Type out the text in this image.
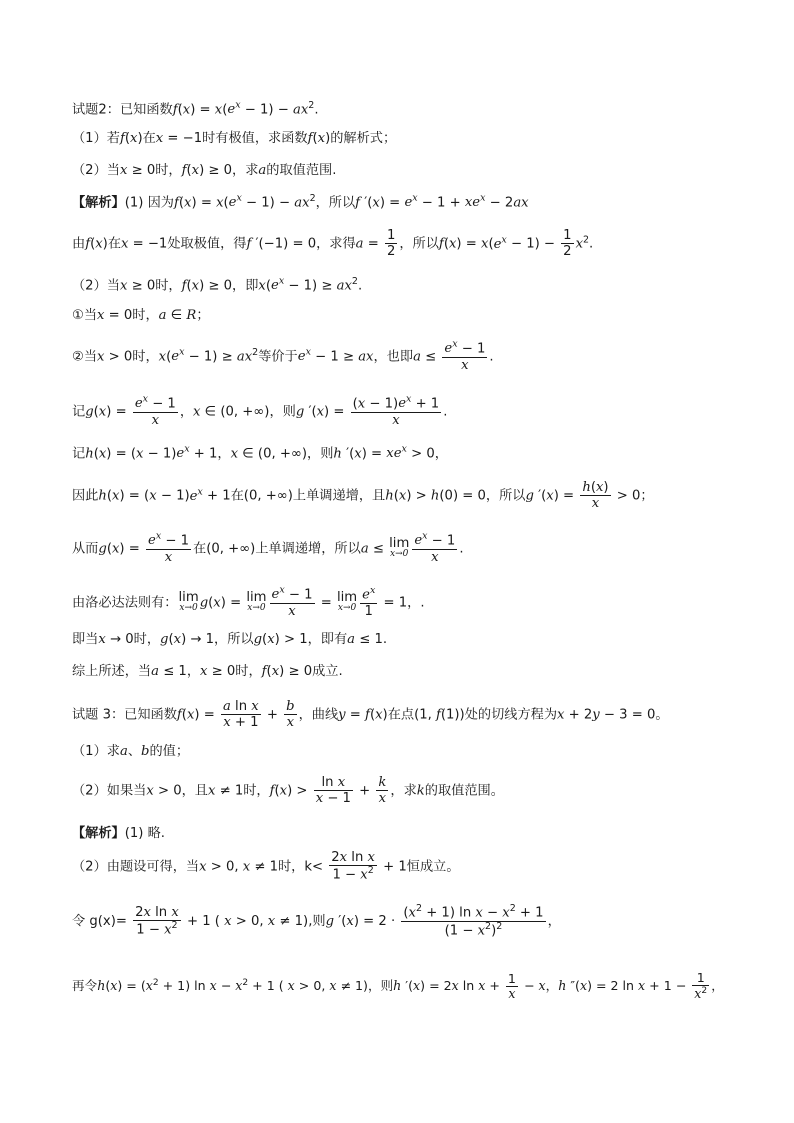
试题2：已知函数$f(x) = x(e^x - 1) - ax^2$.
（1）若f(x)在x = −1时有极值，求函数f(x)的解析式；
（2）当x ≥ 0时，f(x) ≥ 0，求a的取值范围.
【解析】(1) 因为$f(x) = x(e^x - 1) - ax^2$，所以f $'(x) = e^x - 1 + xe^x - 2ax$
由f(x)在x = −1处取极值，得f ′(−1) = 0，求得$a = \frac{1}{2}$ ，所以$f(x) = x(e^x - 1) - \frac{1}{2} x^2$.
（2）当x ≥ 0时，f(x) ≥ 0，即$x(e^x - 1) \ge ax^2$.
①当x = 0时，a ∈ R；
②当x > 0时，$x(e^x - 1) \ge ax^2$等价于$e^x - 1$ ≥ ax，也即$a \le \frac{e^x - 1}{x}$ .
记$g(x) = \frac{e^x - 1}{x}$ ，x ∈ (0, +∞)，则g $'(x) = \frac{(x - 1)e^x + 1}{x}$ .
记$h(x) = (x - 1)e^x + 1$，x ∈ (0, +∞)，则h $'(x) = xe^x > 0$，
因此$h(x) = (x - 1)e^x + 1$在(0, +∞)上单调递增，且h(x) > h(0) = 0，所以g $'(x) = \frac{h(x)}{x} > 0$；
从而$g(x) = \frac{e^x - 1}{x}$ 在(0, +∞)上单调递增，所以a ≤ lim
$x\to 0 \frac{e^x - 1}{x}$ .
由洛必达法则有： lim
x→0 g(x) = lim
$x\to 0 \frac{e^x - 1}{x} = \lim$
$x\to 0 \frac{e^x}{1} = 1$，.
即当x → 0时，g(x) → 1，所以g(x) > 1，即有a ≤ 1.
综上所述，当a ≤ 1，x ≥ 0时，f(x) ≥ 0成立.
试题 3：已知函数$f(x) = \frac{\text{a ln x}}{x + 1} + \frac{b}{x}$ ，曲线y = f(x)在点(1, f(1))处的切线方程为x + 2y − 3 = 0。
（1）求a、b的值；
（2）如果当x > 0，且x ≠ 1时，$f(x) > \frac{\text{ln x}}{x - 1} + \frac{k}{x}$ ，求k的取值范围。
【解析】(1) 略.
（2）由题设可得，当x > 0, x ≠ 1时，$k< \frac{\text{2x ln x}}{1 - x^2} + 1$恒成立。
令 $g(x)= \frac{\text{2x ln x}}{1 - x^2} + 1$ ( x > 0, x ≠ 1),则g $'(x) = 2 \cdot \frac{(x^2 + 1) \ln x - x^2 + 1}{(1 - x^2)^2}$ ，
再令$h(x) = (x^2 + 1)$ $\ln x - x^2 + 1$ ( x > 0, x ≠ 1)，则h ′(x) = 2x $\ln x + \frac{1}{x} - x$，h ″(x) = 2 $\ln x + 1 - \frac{1}{x^2}$ ，
